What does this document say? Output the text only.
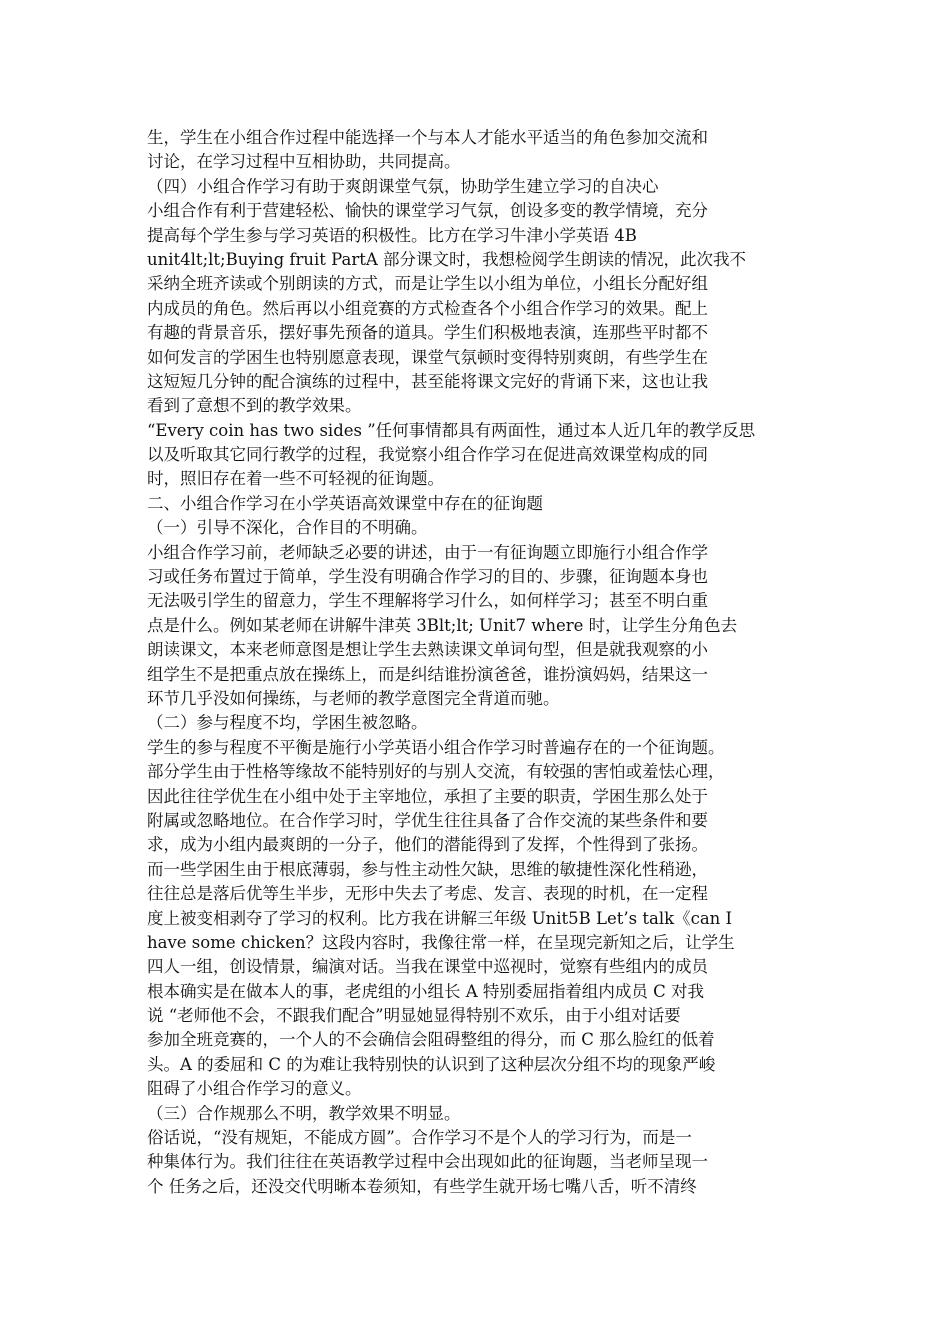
生，学生在小组合作过程中能选择一个与本人才能水平适当的角色参加交流和
讨论，在学习过程中互相协助，共同提高。
（四）小组合作学习有助于爽朗课堂气氛，协助学生建立学习的自决心
小组合作有利于营建轻松、愉快的课堂学习气氛，创设多变的教学情境，充分
提高每个学生参与学习英语的积极性。比方在学习牛津小学英语 4B
unit4lt;lt;Buying fruit PartA 部分课文时，我想检阅学生朗读的情况，此次我不
采纳全班齐读或个别朗读的方式，而是让学生以小组为单位，小组长分配好组
内成员的角色。然后再以小组竞赛的方式检查各个小组合作学习的效果。配上
有趣的背景音乐，摆好事先预备的道具。学生们积极地表演，连那些平时都不
如何发言的学困生也特别愿意表现，课堂气氛顿时变得特别爽朗，有些学生在
这短短几分钟的配合演练的过程中，甚至能将课文完好的背诵下来，这也让我
看到了意想不到的教学效果。
“Every coin has two sides ”任何事情都具有两面性，通过本人近几年的教学反思
以及听取其它同行教学的过程，我觉察小组合作学习在促进高效课堂构成的同
时，照旧存在着一些不可轻视的征询题。
二、小组合作学习在小学英语高效课堂中存在的征询题
（一）引导不深化，合作目的不明确。
小组合作学习前，老师缺乏必要的讲述，由于一有征询题立即施行小组合作学
习或任务布置过于简单，学生没有明确合作学习的目的、步骤，征询题本身也
无法吸引学生的留意力，学生不理解将学习什么，如何样学习；甚至不明白重
点是什么。例如某老师在讲解牛津英 3Blt;lt; Unit7 where 时，让学生分角色去
朗读课文，本来老师意图是想让学生去熟读课文单词句型，但是就我观察的小
组学生不是把重点放在操练上，而是纠结谁扮演爸爸，谁扮演妈妈，结果这一
环节几乎没如何操练，与老师的教学意图完全背道而驰。
（二）参与程度不均，学困生被忽略。
学生的参与程度不平衡是施行小学英语小组合作学习时普遍存在的一个征询题。
部分学生由于性格等缘故不能特别好的与别人交流，有较强的害怕或羞怯心理，
因此往往学优生在小组中处于主宰地位，承担了主要的职责，学困生那么处于
附属或忽略地位。在合作学习时，学优生往往具备了合作交流的某些条件和要
求，成为小组内最爽朗的一分子，他们的潜能得到了发挥，个性得到了张扬。
而一些学困生由于根底薄弱，参与性主动性欠缺，思维的敏捷性深化性稍逊，
往往总是落后优等生半步，无形中失去了考虑、发言、表现的时机，在一定程
度上被变相剥夺了学习的权利。比方我在讲解三年级 Unit5B Let’s talk《can I
have some chicken？这段内容时，我像往常一样，在呈现完新知之后，让学生
四人一组，创设情景，编演对话。当我在课堂中巡视时，觉察有些组内的成员
根本确实是在做本人的事，老虎组的小组长 A 特别委屈指着组内成员 C 对我
说 “老师他不会，不跟我们配合”明显她显得特别不欢乐，由于小组对话要
参加全班竞赛的，一个人的不会确信会阻碍整组的得分，而 C 那么脸红的低着
头。A 的委屈和 C 的为难让我特别快的认识到了这种层次分组不均的现象严峻
阻碍了小组合作学习的意义。
（三）合作规那么不明，教学效果不明显。
俗话说，“没有规矩，不能成方圆”。合作学习不是个人的学习行为，而是一
种集体行为。我们往往在英语教学过程中会出现如此的征询题，当老师呈现一
个 任务之后，还没交代明晰本卷须知，有些学生就开场七嘴八舌，听不清终
